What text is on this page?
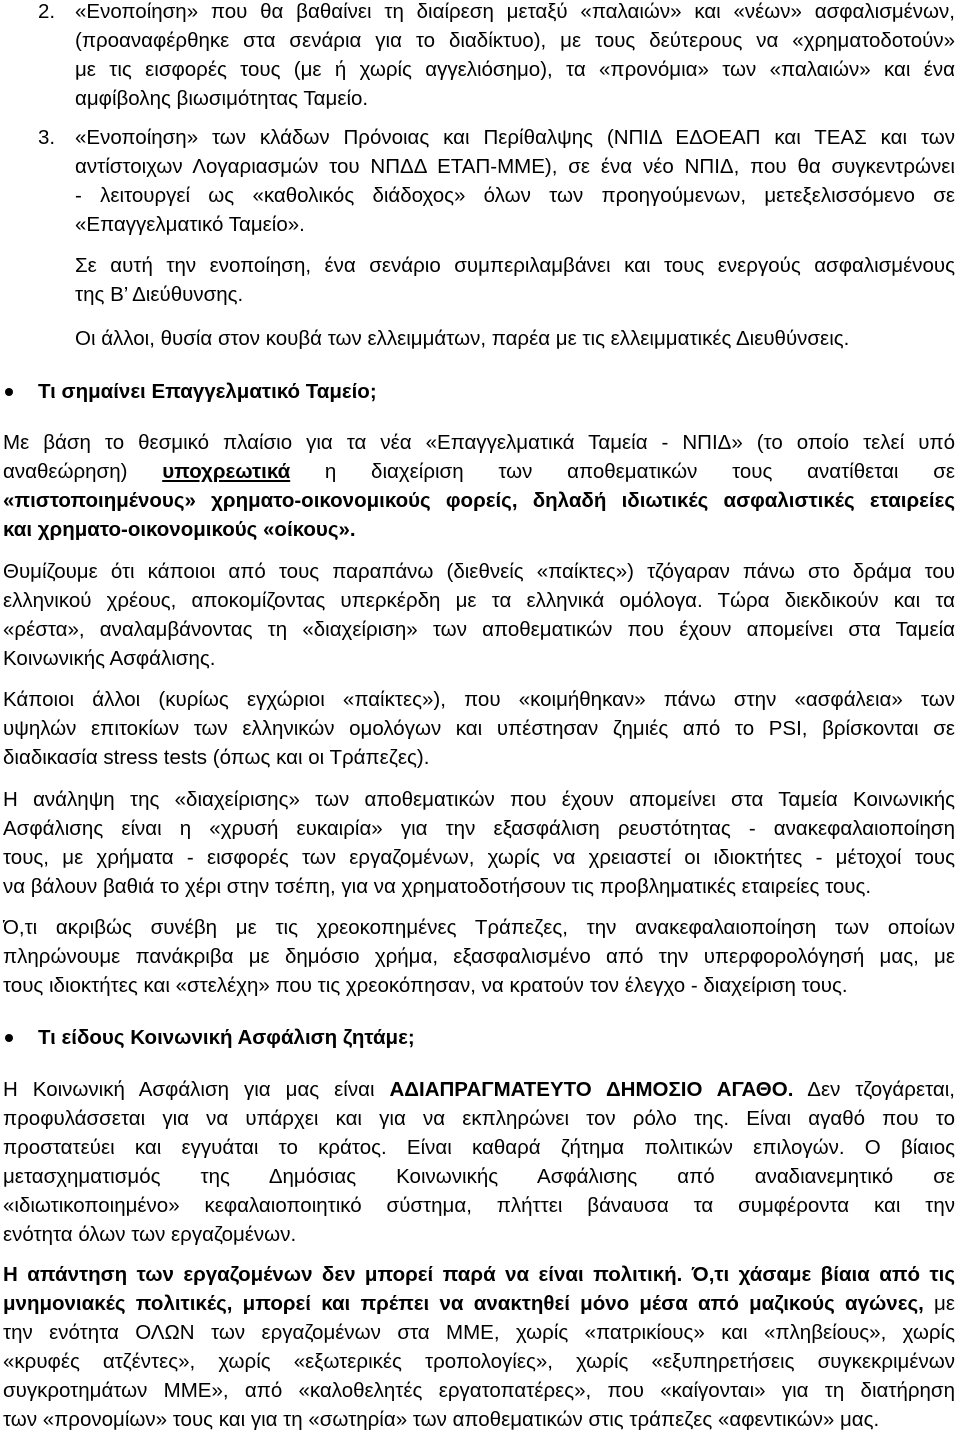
2. «Ενοποίηση» που θα βαθαίνει τη διαίρεση μεταξύ «παλαιών» και «νέων» ασφαλισμένων,
(προαναφέρθηκε στα σενάρια για το διαδίκτυο), με τους δεύτερους να «χρηματοδοτούν»
με τις εισφορές τους (με ή χωρίς αγγελιόσημο), τα «προνόμια» των «παλαιών» και ένα
αμφίβολης βιωσιμότητας Ταμείο.
3. «Ενοποίηση» των κλάδων Πρόνοιας και Περίθαλψης (ΝΠΙΔ ΕΔΟΕΑΠ και ΤΕΑΣ και των
αντίστοιχων Λογαριασμών του ΝΠΔΔ ΕΤΑΠ-ΜΜΕ), σε ένα νέο ΝΠΙΔ, που θα συγκεντρώνει
- λειτουργεί ως «καθολικός διάδοχος» όλων των προηγούμενων, μετεξελισσόμενο σε
«Επαγγελματικό Ταμείο».
Σε αυτή την ενοποίηση, ένα σενάριο συμπεριλαμβάνει και τους ενεργούς ασφαλισμένους
της Β’ Διεύθυνσης.
Οι άλλοι, θυσία στον κουβά των ελλειμμάτων, παρέα με τις ελλειμματικές Διευθύνσεις.
Τι σημαίνει Επαγγελματικό Ταμείο;
Με βάση το θεσμικό πλαίσιο για τα νέα «Επαγγελματικά Ταμεία - ΝΠΙΔ» (το οποίο τελεί υπό
αναθεώρηση) υποχρεωτικά η διαχείριση των αποθεματικών τους ανατίθεται σε
«πιστοποιημένους» χρηματο-οικονομικούς φορείς, δηλαδή ιδιωτικές ασφαλιστικές εταιρείες
και χρηματο-οικονομικούς «οίκους».
Θυμίζουμε ότι κάποιοι από τους παραπάνω (διεθνείς «παίκτες») τζόγαραν πάνω στο δράμα του
ελληνικού χρέους, αποκομίζοντας υπερκέρδη με τα ελληνικά ομόλογα. Τώρα διεκδικούν και τα
«ρέστα», αναλαμβάνοντας τη «διαχείριση» των αποθεματικών που έχουν απομείνει στα Ταμεία
Κοινωνικής Ασφάλισης.
Κάποιοι άλλοι (κυρίως εγχώριοι «παίκτες»), που «κοιμήθηκαν» πάνω στην «ασφάλεια» των
υψηλών επιτοκίων των ελληνικών ομολόγων και υπέστησαν ζημιές από το PSI, βρίσκονται σε
διαδικασία stress tests (όπως και οι Τράπεζες).
Η ανάληψη της «διαχείρισης» των αποθεματικών που έχουν απομείνει στα Ταμεία Κοινωνικής
Ασφάλισης είναι η «χρυσή ευκαιρία» για την εξασφάλιση ρευστότητας - ανακεφαλαιοποίηση
τους, με χρήματα - εισφορές των εργαζομένων, χωρίς να χρειαστεί οι ιδιοκτήτες - μέτοχοί τους
να βάλουν βαθιά το χέρι στην τσέπη, για να χρηματοδοτήσουν τις προβληματικές εταιρείες τους.
Ό,τι ακριβώς συνέβη με τις χρεοκοπημένες Τράπεζες, την ανακεφαλαιοποίηση των οποίων
πληρώνουμε πανάκριβα με δημόσιο χρήμα, εξασφαλισμένο από την υπερφορολόγησή μας, με
τους ιδιοκτήτες και «στελέχη» που τις χρεοκόπησαν, να κρατούν τον έλεγχο - διαχείριση τους.
Τι είδους Κοινωνική Ασφάλιση ζητάμε;
Η Κοινωνική Ασφάλιση για μας είναι ΑΔΙΑΠΡΑΓΜΑΤΕΥΤΟ ΔΗΜΟΣΙΟ ΑΓΑΘΟ. Δεν τζογάρεται,
προφυλάσσεται για να υπάρχει και για να εκπληρώνει τον ρόλο της. Είναι αγαθό που το
προστατεύει και εγγυάται το κράτος. Είναι καθαρά ζήτημα πολιτικών επιλογών. Ο βίαιος
μετασχηματισμός της Δημόσιας Κοινωνικής Ασφάλισης από αναδιανεμητικό σε
«ιδιωτικοποιημένο» κεφαλαιοποιητικό σύστημα, πλήττει βάναυσα τα συμφέροντα και την
ενότητα όλων των εργαζομένων.
Η απάντηση των εργαζομένων δεν μπορεί παρά να είναι πολιτική. Ό,τι χάσαμε βίαια από τις
μνημονιακές πολιτικές, μπορεί και πρέπει να ανακτηθεί μόνο μέσα από μαζικούς αγώνες, με
την ενότητα ΟΛΩΝ των εργαζομένων στα ΜΜΕ, χωρίς «πατρικίους» και «πληβείους», χωρίς
«κρυφές ατζέντες», χωρίς «εξωτερικές τροπολογίες», χωρίς «εξυπηρετήσεις συγκεκριμένων
συγκροτημάτων ΜΜΕ», από «καλοθελητές εργατοπατέρες», που «καίγονται» για τη διατήρηση
των «προνομίων» τους και για τη «σωτηρία» των αποθεματικών στις τράπεζες «αφεντικών» μας.
